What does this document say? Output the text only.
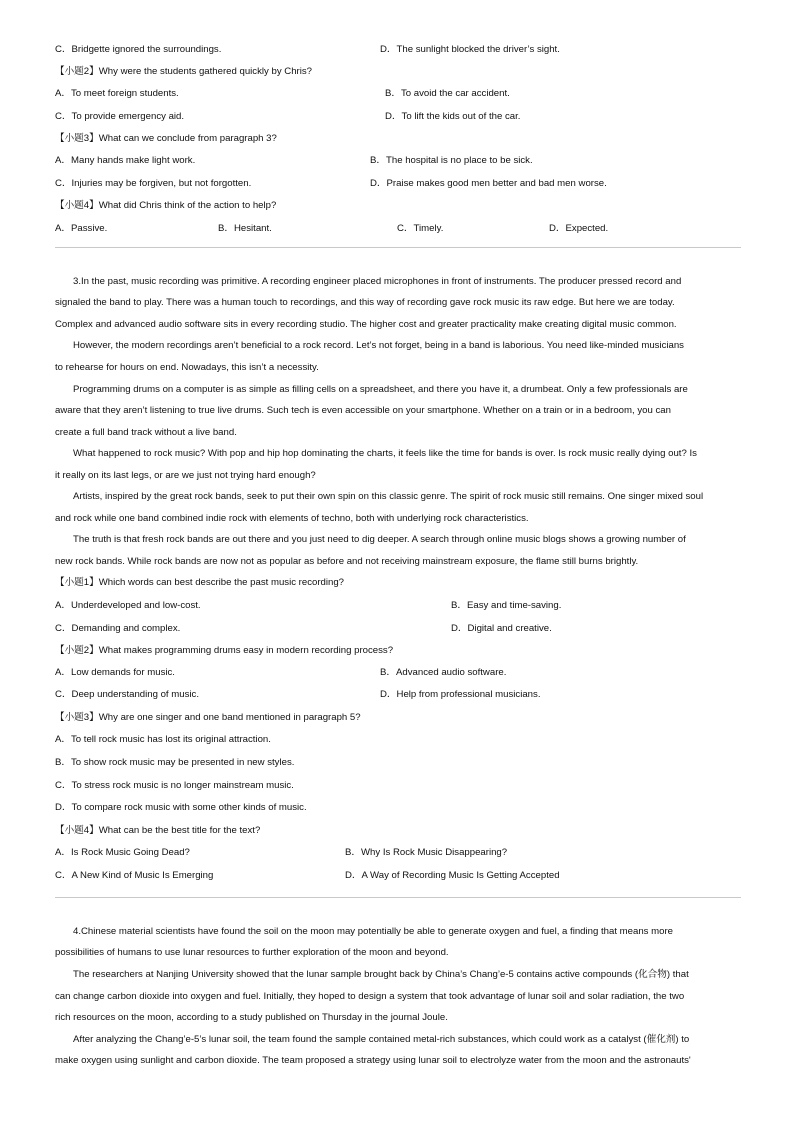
C．Bridgette ignored the surroundings.	D．The sunlight blocked the driver’s sight.
【小题2】Why were the students gathered quickly by Chris?
A．To meet foreign students.	B．To avoid the car accident.
C．To provide emergency aid.	D．To lift the kids out of the car.
【小题3】What can we conclude from paragraph 3?
A．Many hands make light work.	B．The hospital is no place to be sick.
C．Injuries may be forgiven, but not forgotten.	D．Praise makes good men better and bad men worse.
【小题4】What did Chris think of the action to help?
A．Passive.	B．Hesitant.	C．Timely.	D．Expected.
3.In the past, music recording was primitive. A recording engineer placed microphones in front of instruments. The producer pressed record and
signaled the band to play. There was a human touch to recordings, and this way of recording gave rock music its raw edge. But here we are today.
Complex and advanced audio software sits in every recording studio. The higher cost and greater practicality make creating digital music common.
However, the modern recordings aren’t beneficial to a rock record. Let’s not forget, being in a band is laborious. You need like-minded musicians
to rehearse for hours on end. Nowadays, this isn’t a necessity.
Programming drums on a computer is as simple as filling cells on a spreadsheet, and there you have it, a drumbeat. Only a few professionals are
aware that they aren’t listening to true live drums. Such tech is even accessible on your smartphone. Whether on a train or in a bedroom, you can
create a full band track without a live band.
What happened to rock music? With pop and hip hop dominating the charts, it feels like the time for bands is over. Is rock music really dying out? Is
it really on its last legs, or are we just not trying hard enough?
Artists, inspired by the great rock bands, seek to put their own spin on this classic genre. The spirit of rock music still remains. One singer mixed soul
and rock while one band combined indie rock with elements of techno, both with underlying rock characteristics.
The truth is that fresh rock bands are out there and you just need to dig deeper. A search through online music blogs shows a growing number of
new rock bands. While rock bands are now not as popular as before and not receiving mainstream exposure, the flame still burns brightly.
【小题1】Which words can best describe the past music recording?
A．Underdeveloped and low-cost.	B．Easy and time-saving.
C．Demanding and complex.	D．Digital and creative.
【小题2】What makes programming drums easy in modern recording process?
A．Low demands for music.	B．Advanced audio software.
C．Deep understanding of music.	D．Help from professional musicians.
【小题3】Why are one singer and one band mentioned in paragraph 5?
A．To tell rock music has lost its original attraction.
B．To show rock music may be presented in new styles.
C．To stress rock music is no longer mainstream music.
D．To compare rock music with some other kinds of music.
【小题4】What can be the best title for the text?
A．Is Rock Music Going Dead?	B．Why Is Rock Music Disappearing?
C．A New Kind of Music Is Emerging	D．A Way of Recording Music Is Getting Accepted
4.Chinese material scientists have found the soil on the moon may potentially be able to generate oxygen and fuel, a finding that means more
possibilities of humans to use lunar resources to further exploration of the moon and beyond.
The researchers at Nanjing University showed that the lunar sample brought back by China’s Chang’e-5 contains active compounds (化合物) that
can change carbon dioxide into oxygen and fuel. Initially, they hoped to design a system that took advantage of lunar soil and solar radiation, the two
rich resources on the moon, according to a study published on Thursday in the journal Joule.
After analyzing the Chang’e-5’s lunar soil, the team found the sample contained metal-rich substances, which could work as a catalyst (催化剂) to
make oxygen using sunlight and carbon dioxide. The team proposed a strategy using lunar soil to electrolyze water from the moon and the astronauts'
